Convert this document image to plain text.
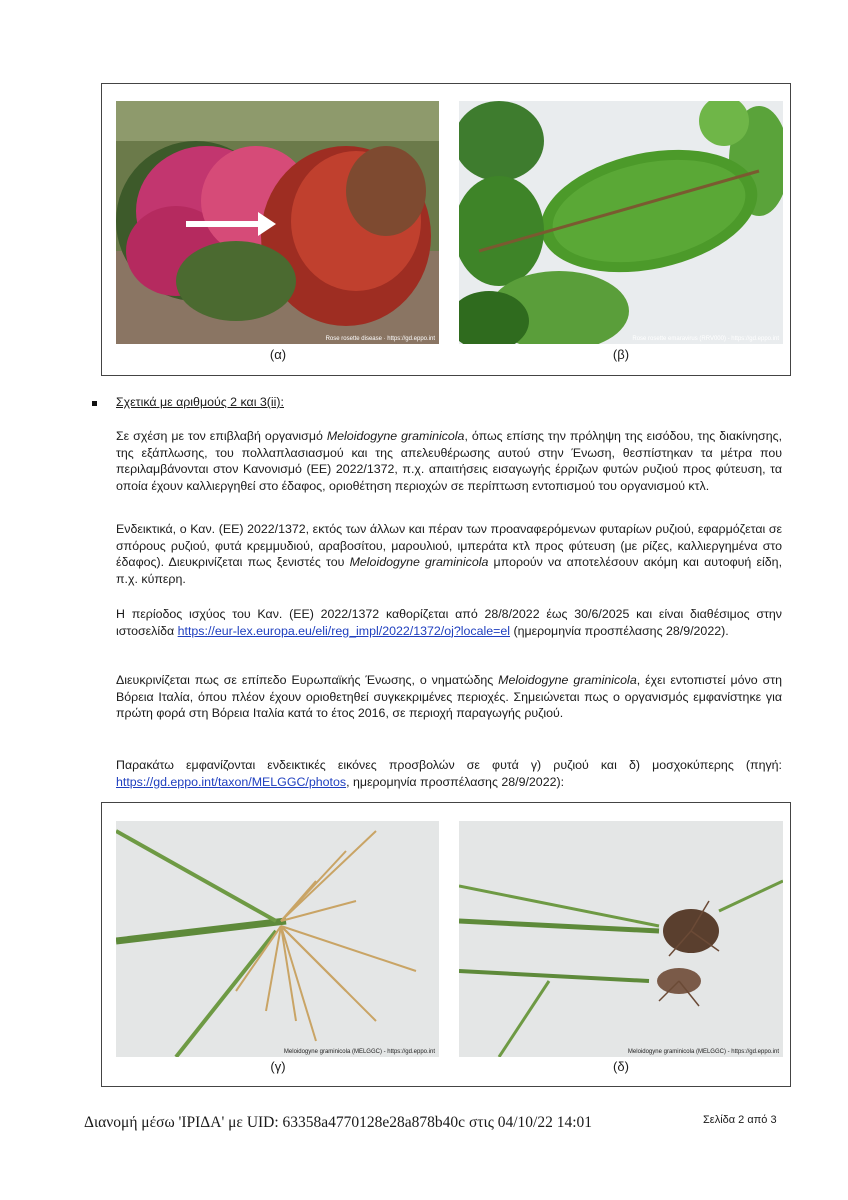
Rose rosette disease · https://gd.eppo.int	Rose rosette emaravirus (RRV000) - https://gd.eppo.int
(α)	(β)
Σχετικά με αριθμούς 2 και 3(ii):

Σε σχέση με τον επιβλαβή οργανισμό Meloidogyne graminicola, όπως επίσης την πρόληψη της εισόδου, της διακίνησης, της εξάπλωσης, του πολλαπλασιασμού και της απελευθέρωσης αυτού στην Ένωση, θεσπίστηκαν τα μέτρα που περιλαμβάνονται στον Κανονισμό (ΕΕ) 2022/1372, π.χ. απαιτήσεις εισαγωγής έρριζων φυτών ρυζιού προς φύτευση, τα οποία έχουν καλλιεργηθεί στο έδαφος, οριοθέτηση περιοχών σε περίπτωση εντοπισμού του οργανισμού κτλ.

Ενδεικτικά, ο Καν. (ΕΕ) 2022/1372, εκτός των άλλων και πέραν των προαναφερόμενων φυταρίων ρυζιού, εφαρμόζεται σε σπόρους ρυζιού, φυτά κρεμμυδιού, αραβοσίτου, μαρουλιού, ιμπεράτα κτλ προς φύτευση (με ρίζες, καλλιεργημένα στο έδαφος). Διευκρινίζεται πως ξενιστές του Meloidogyne graminicola μπορούν να αποτελέσουν ακόμη και αυτοφυή είδη, π.χ. κύπερη.

Η περίοδος ισχύος του Καν. (ΕΕ) 2022/1372 καθορίζεται από 28/8/2022 έως 30/6/2025 και είναι διαθέσιμος στην ιστοσελίδα https://eur-lex.europa.eu/eli/reg_impl/2022/1372/oj?locale=el (ημερομηνία προσπέλασης 28/9/2022).

Διευκρινίζεται πως σε επίπεδο Ευρωπαϊκής Ένωσης, ο νηματώδης Meloidogyne graminicola, έχει εντοπιστεί μόνο στη Βόρεια Ιταλία, όπου πλέον έχουν οριοθετηθεί συγκεκριμένες περιοχές. Σημειώνεται πως ο οργανισμός εμφανίστηκε για πρώτη φορά στη Βόρεια Ιταλία κατά το έτος 2016, σε περιοχή παραγωγής ρυζιού.

Παρακάτω εμφανίζονται ενδεικτικές εικόνες προσβολών σε φυτά γ) ρυζιού και δ) μοσχοκύπερης (πηγή: https://gd.eppo.int/taxon/MELGGC/photos, ημερομηνία προσπέλασης 28/9/2022):

Meloidogyne graminicola (MELGGC) - https://gd.eppo.int	Meloidogyne graminicola (MELGGC) - https://gd.eppo.int
(γ)	(δ)
Διανομή μέσω 'ΙΡΙΔΑ' με UID: 63358a4770128e28a878b40c στις 04/10/22 14:01	Σελίδα 2 από 3
